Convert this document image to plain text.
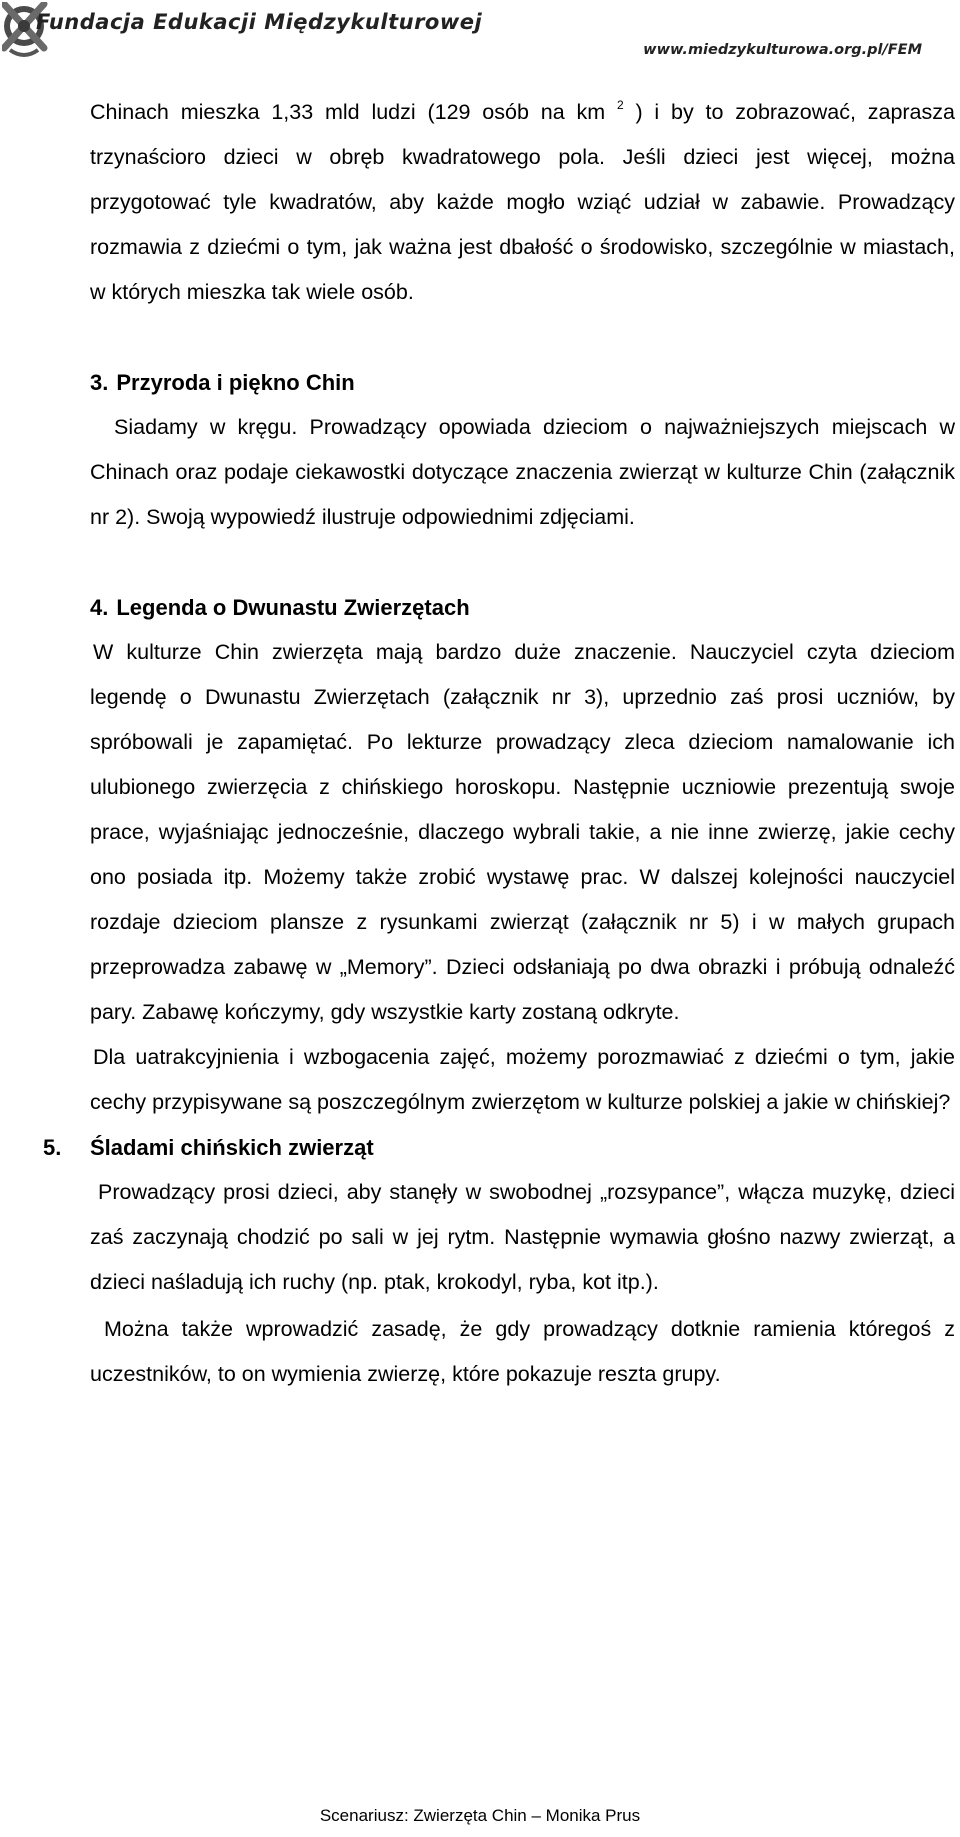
Fundacja Edukacji Międzykulturowej
www.miedzykulturowa.org.pl/FEM

Chinach mieszka 1,33 mld ludzi (129 osób na km $^2$ ) i by to zobrazować, zaprasza trzynaścioro dzieci w obręb kwadratowego pola. Jeśli dzieci jest więcej, można przygotować tyle kwadratów, aby każde mogło wziąć udział w zabawie. Prowadzący rozmawia z dziećmi o tym, jak ważna jest dbałość o środowisko, szczególnie w miastach, w których mieszka tak wiele osób.

3. Przyroda i piękno Chin

Siadamy w kręgu. Prowadzący opowiada dzieciom o najważniejszych miejscach w Chinach oraz podaje ciekawostki dotyczące znaczenia zwierząt w kulturze Chin (załącznik nr 2). Swoją wypowiedź ilustruje odpowiednimi zdjęciami.

4. Legenda o Dwunastu Zwierzętach

W kulturze Chin zwierzęta mają bardzo duże znaczenie. Nauczyciel czyta dzieciom legendę o Dwunastu Zwierzętach (załącznik nr 3), uprzednio zaś prosi uczniów, by spróbowali je zapamiętać. Po lekturze prowadzący zleca dzieciom namalowanie ich ulubionego zwierzęcia z chińskiego horoskopu. Następnie uczniowie prezentują swoje prace, wyjaśniając jednocześnie, dlaczego wybrali takie, a nie inne zwierzę, jakie cechy ono posiada itp. Możemy także zrobić wystawę prac. W dalszej kolejności nauczyciel rozdaje dzieciom plansze z rysunkami zwierząt (załącznik nr 5) i w małych grupach przeprowadza zabawę w „Memory”. Dzieci odsłaniają po dwa obrazki i próbują odnaleźć pary. Zabawę kończymy, gdy wszystkie karty zostaną odkryte.

Dla uatrakcyjnienia i wzbogacenia zajęć, możemy porozmawiać z dziećmi o tym, jakie cechy przypisywane są poszczególnym zwierzętom w kulturze polskiej a jakie w chińskiej?

5.	Śladami chińskich zwierząt

Prowadzący prosi dzieci, aby stanęły w swobodnej „rozsypance”, włącza muzykę, dzieci zaś zaczynają chodzić po sali w jej rytm. Następnie wymawia głośno nazwy zwierząt, a dzieci naśladują ich ruchy (np. ptak, krokodyl, ryba, kot itp.).

Można także wprowadzić zasadę, że gdy prowadzący dotknie ramienia któregoś z uczestników, to on wymienia zwierzę, które pokazuje reszta grupy.

Scenariusz: Zwierzęta Chin – Monika Prus
